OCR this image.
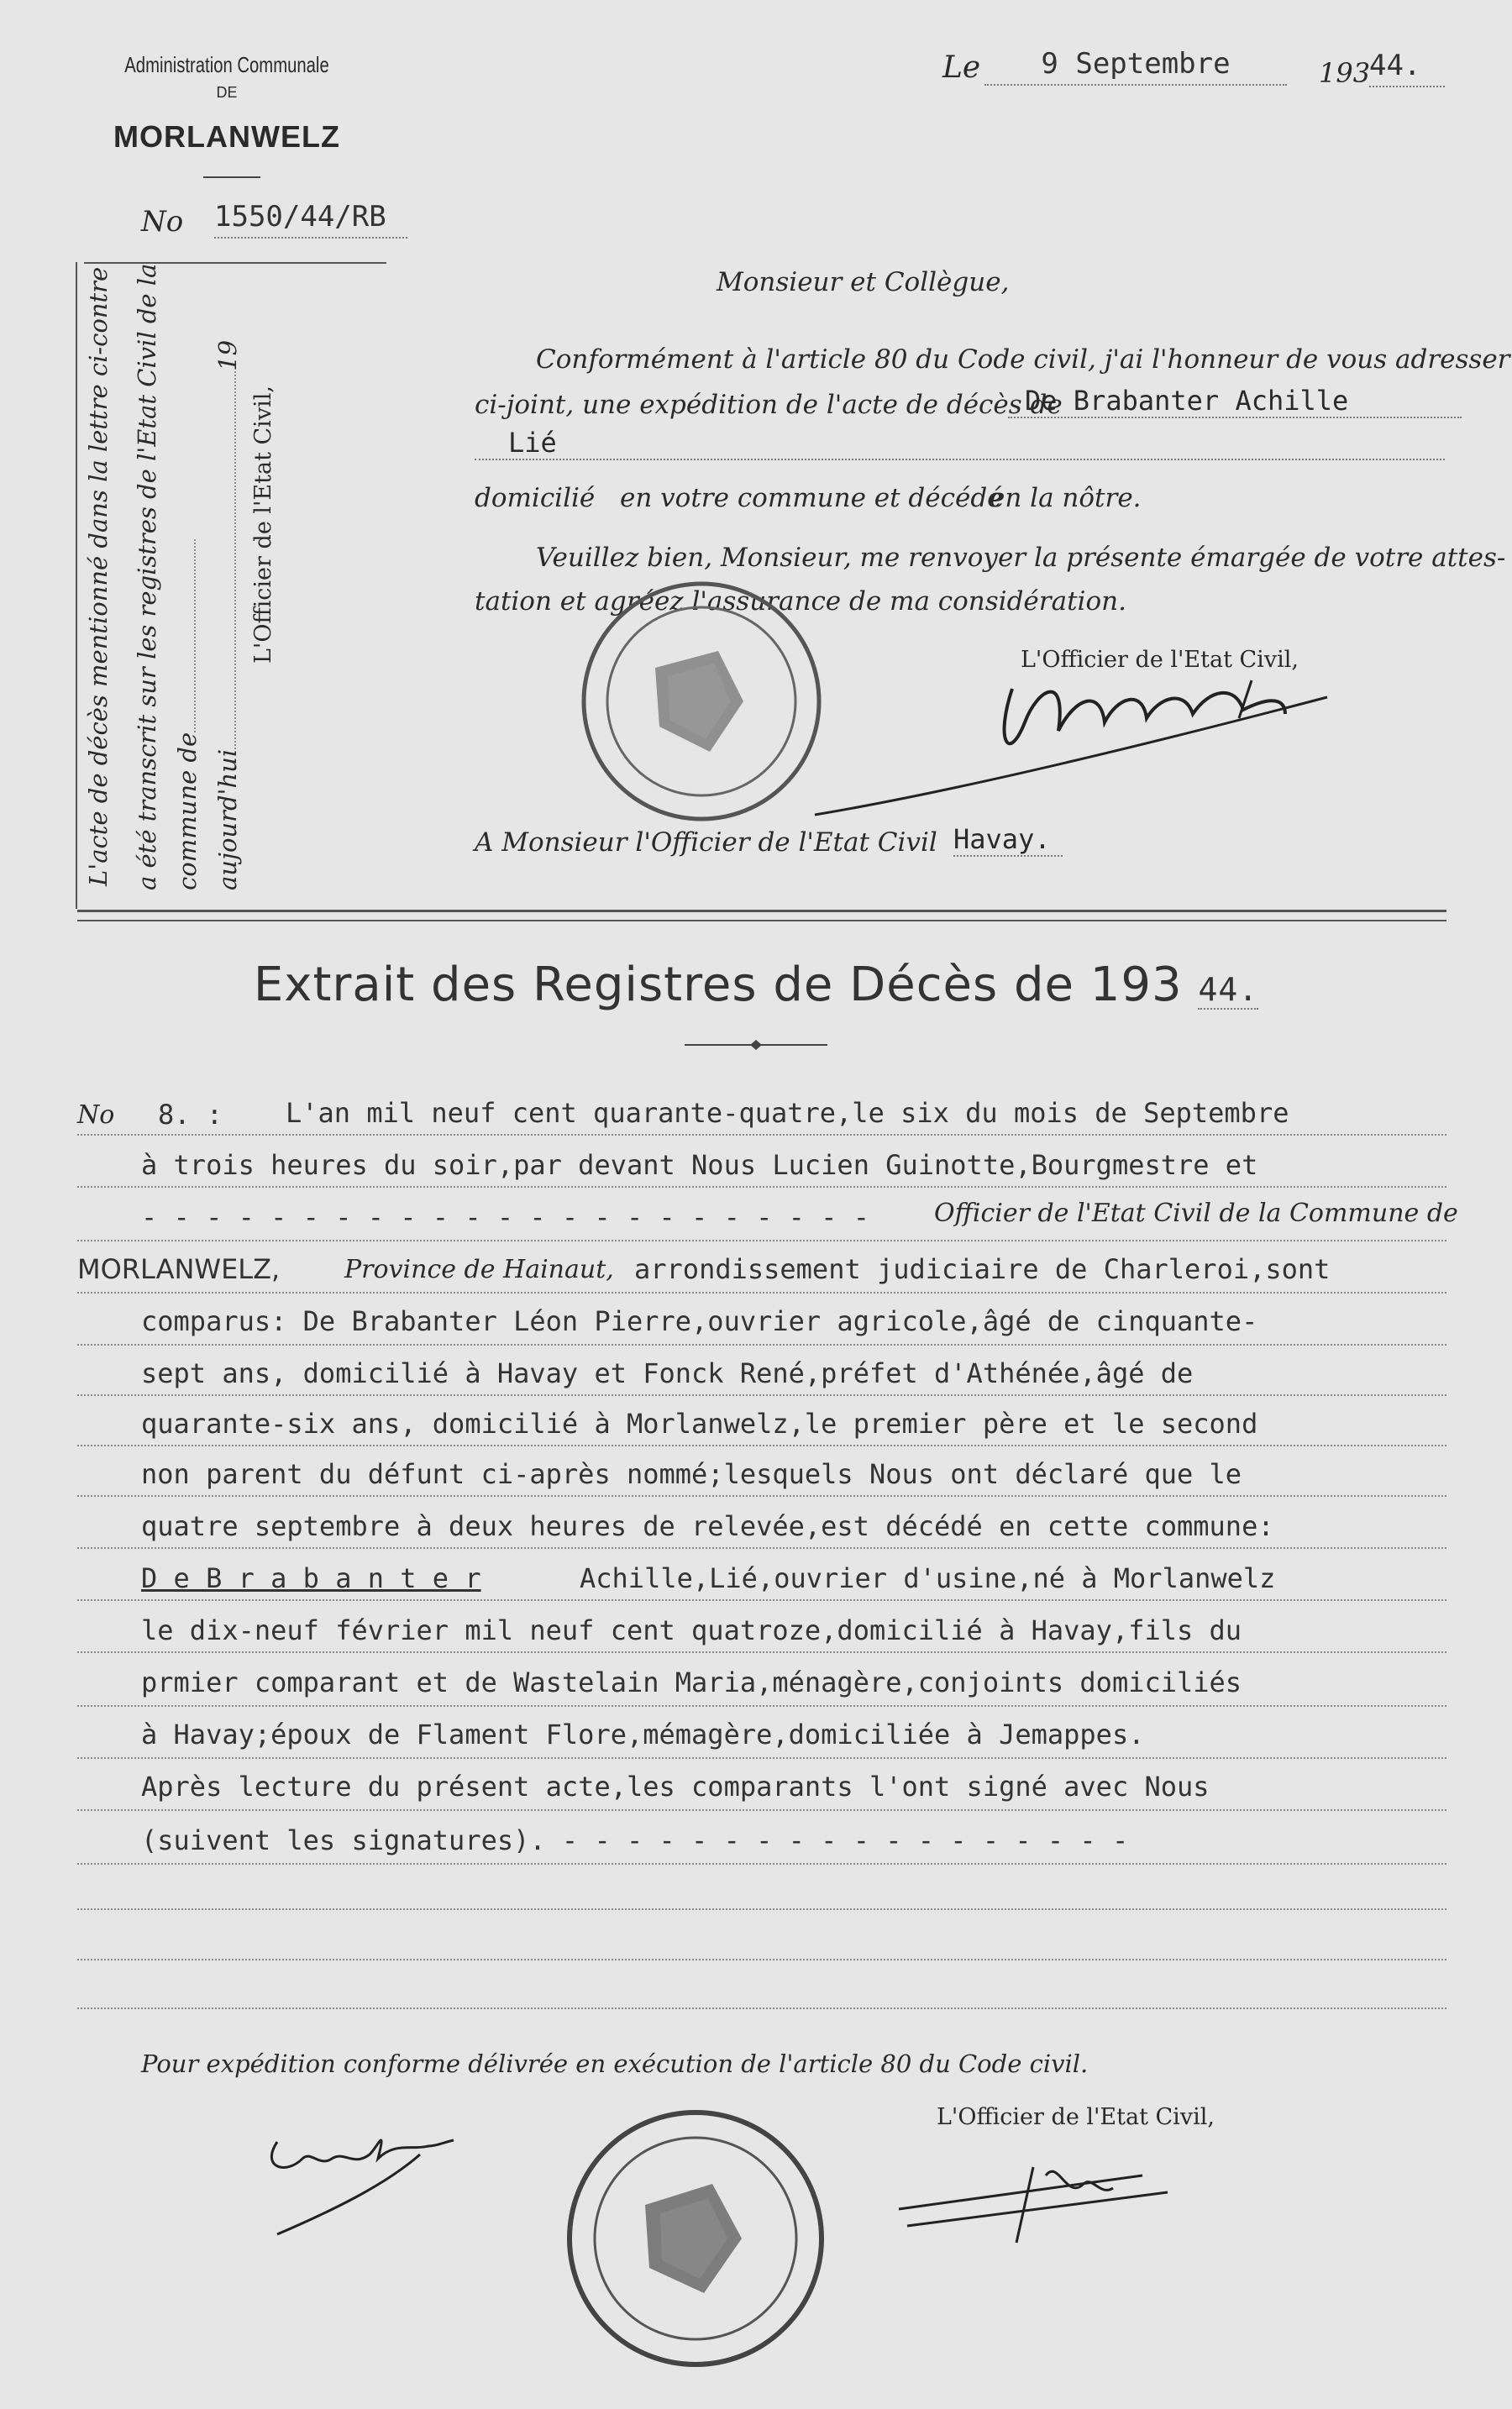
Administration Communale
DE
MORLANWELZ
No 1550/44/RB
Le	9 Septembre	193
44.
L'acte de décès mentionné dans la lettre ci-contre a été transcrit sur les registres de l'Etat Civil de la commune de aujourd'hui19
L'Officier de l'Etat Civil,
Monsieur et Collègue,
Conformément à l'article 80 du Code civil, j'ai l'honneur de vous adresser
ci-joint, une expédition de l'acte de décès de
De Brabanter Achille
Lié
domicilié en votre commune et décédé
en la nôtre.
Veuillez bien, Monsieur, me renvoyer la présente émargée de votre attes-
tation et agréez l'assurance de ma considération.
L'Officier de l'Etat Civil,
A Monsieur l'Officier de l'Etat Civil Havay.
Extrait des Registres de Décès de 193 44.
No 8. : L'an mil neuf cent quarante-quatre,le six du mois de Septembre
à trois heures du soir,par devant Nous Lucien Guinotte,Bourgmestre et
- - - - - - - - - - - - - - - - - - - - - - -	Officier de l'Etat Civil de la Commune de
MORLANWELZ,	Province de Hainaut, arrondissement judiciaire de Charleroi,sont
comparus: De Brabanter Léon Pierre,ouvrier agricole,âgé de cinquante-
sept ans, domicilié à Havay et Fonck René,préfet d'Athénée,âgé de
quarante-six ans, domicilié à Morlanwelz,le premier père et le second
non parent du défunt ci-après nommé;lesquels Nous ont déclaré que le
quatre septembre à deux heures de relevée,est décédé en cette commune:
D e B r a b a n t e r	Achille,Lié,ouvrier d'usine,né à Morlanwelz
le dix-neuf février mil neuf cent quatroze,domicilié à Havay,fils du
prmier comparant et de Wastelain Maria,ménagère,conjoints domiciliés
à Havay;époux de Flament Flore,mémagère,domiciliée à Jemappes.
Après lecture du présent acte,les comparants l'ont signé avec Nous
(suivent les signatures). - - - - - - - - - - - - - - - - - -
Pour expédition conforme délivrée en exécution de l'article 80 du Code civil.
L'Officier de l'Etat Civil,
